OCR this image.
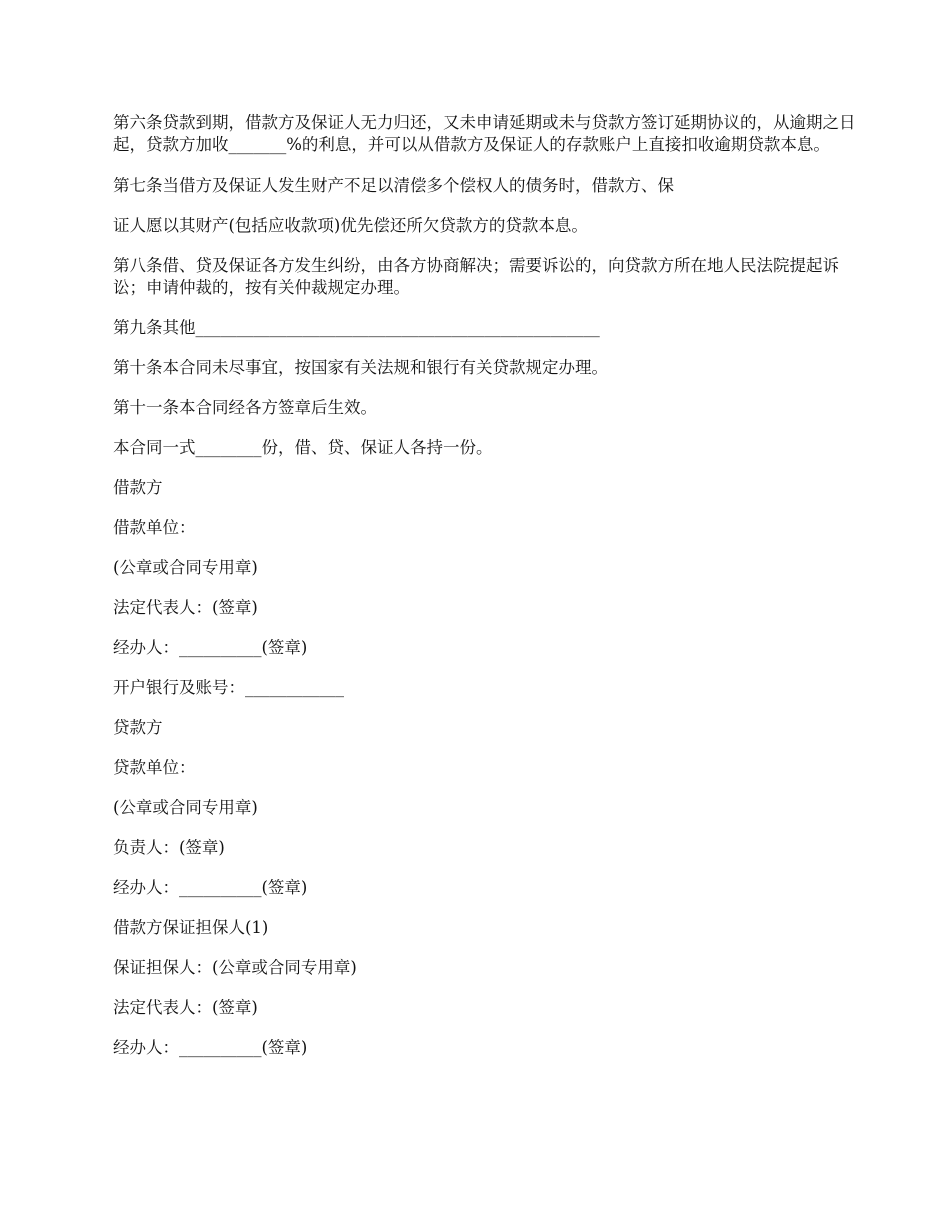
第六条贷款到期，借款方及保证人无力归还，又未申请延期或未与贷款方签订延期协议的，从逾期之日起，贷款方加收_______%的利息，并可以从借款方及保证人的存款账户上直接扣收逾期贷款本息。

第七条当借方及保证人发生财产不足以清偿多个偿权人的债务时，借款方、保

证人愿以其财产(包括应收款项)优先偿还所欠贷款方的贷款本息。

第八条借、贷及保证各方发生纠纷，由各方协商解决；需要诉讼的，向贷款方所在地人民法院提起诉讼；申请仲裁的，按有关仲裁规定办理。

第九条其他_________________________________________________

第十条本合同未尽事宜，按国家有关法规和银行有关贷款规定办理。

第十一条本合同经各方签章后生效。

本合同一式________份，借、贷、保证人各持一份。

借款方

借款单位：

(公章或合同专用章)

法定代表人：(签章)

经办人：__________(签章)

开户银行及账号：____________

贷款方

贷款单位：

(公章或合同专用章)

负责人：(签章)

经办人：__________(签章)

借款方保证担保人(1)

保证担保人：(公章或合同专用章)

法定代表人：(签章)

经办人：__________(签章)
